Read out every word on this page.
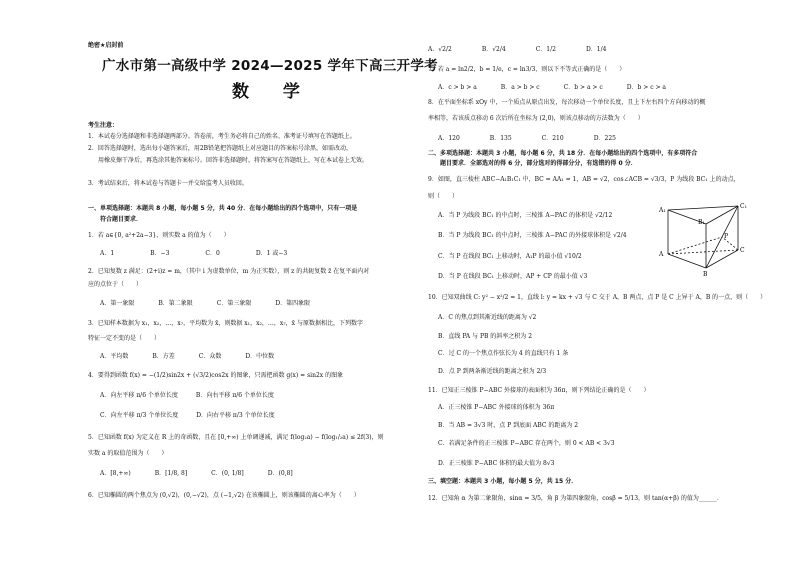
绝密★启封前
广水市第一高级中学 2024—2025 学年下高三开学考
数 学
考生注意：
1．本试卷分选择题和非选择题两部分。答卷前，考生务必将自己的姓名、准考证号填写在答题纸上。
2．回答选择题时，选出每小题答案后，用2B铅笔把答题纸上对应题目的答案标号涂黑，如需改动，
用橡皮擦干净后，再选涂其他答案标号。回答非选择题时，将答案写在答题纸上，写在本试卷上无效。
3．考试结束后，将本试卷与答题卡一并交给监考人员收回。
一、单项选择题：本题共 8 小题，每小题 5 分，共 40 分．在每小题给出的四个选项中，只有一项是
符合题目要求．
1．若 a∈{0, a²+2a−3}，则实数 a 的值为（　　）
A．1　　　　　　B．−3　　　　　　C．0　　　　　　D．1 或−3
2．已知复数 z 满足：(2+i)z = m，（其中 i 为虚数单位，m 为正实数），则 z 的共轭复数 z̄ 在复平面内对
应的点位于（　　）
A．第一象限　　　　B．第二象限　　　　C．第三象限　　　　D．第四象限
3．已知样本数据为 x₁，x₂，…，x₇，平均数为 x̄，则数据 x₁，x₂，…，x₇，x̄ 与原数据相比，下列数字
特征一定不变的是（　　）
A．平均数　　　　B．方差　　　　C．众数　　　　D．中位数
4．要得到函数 f(x) = −(1/2)sin2x + (√3/2)cos2x 的图象，只需把函数 g(x) = sin2x 的图象
A．向左平移 π/6 个单位长度　　　B．向右平移 π/6 个单位长度
C．向左平移 π/3 个单位长度　　　D．向右平移 π/3 个单位长度
5．已知函数 f(x) 为定义在 R 上的奇函数，且在 [0,+∞) 上单调递减，满足 f(log₂a) − f(log₁/₂a) ≤ 2f(3)，则
实数 a 的取值范围为（　　）
A．[8,+∞)　　　　B．[1/8, 8]　　　　C．(0, 1/8]　　　　D．(0,8]
6．已知椭圆的两个焦点为 (0,√2)，(0,−√2)，点 (−1,√2) 在该椭圆上，则该椭圆的离心率为（　　）
A．√2/2　　　　　B．√2/4　　　　　C．1/2　　　　　D．1/4
7．若 a = ln2/2，b = 1/e，c = ln3/3，则以下不等式正确的是（　　）
A．c > b > a　　　　B．a > b > c　　　　C．b > a > c　　　　D．b > c > a
8．在平面坐标系 xOy 中，一个质点从原点出发，每次移动一个单位长度，且上下左右四个方向移动的概
率相等，若该质点移动 6 次后所在坐标为 (2,0)，则该点移动的方法数为（　　）
A．120　　　　　B．135　　　　　C．210　　　　　D．225
二、多项选择题：本题共 3 小题，每小题 6 分，共 18 分．在每小题给出的四个选项中，有多项符合
题目要求．全部选对的得 6 分，部分选对的得部分分，有选错的得 0 分．
9．如图，直三棱柱 ABC−A₁B₁C₁ 中，BC = AA₁ = 1，AB = √2，cos∠ACB = √3/3，P 为线段 BC₁ 上的动点，
则（　　）
A．当 P 为线段 BC₁ 的中点时，三棱锥 A−PAC 的体积是 √2/12
B．当 P 为线段 BC₁ 的中点时，三棱锥 A−PAC 的外接球体积是 √2/4
C．当 P 在线段 BC₁ 上移动时，A₁P 的最小值 √10/2
D．当 P 在线段 BC₁ 上移动时，AP + CP 的最小值 √3
A₁
C₁
B₁
A
C
B
P
10．已知双曲线 C: y² − x²/2 = 1，直线 l: y = kx + √3 与 C 交于 A，B 两点，点 P 是 C 上异于 A，B 的一点，则（　　）
A．C 的焦点到其渐近线的距离为 √2
B．直线 PA 与 PB 的斜率之积为 2
C．过 C 的一个焦点作弦长为 4 的直线只有 1 条
D．点 P 到两条渐近线的距离之积为 2/3
11．已知正三棱锥 P−ABC 外接球的表面积为 36π，则下列结论正确的是（　　）
A．正三棱锥 P−ABC 外接球的体积为 36π
B．当 AB = 3√3 时，点 P 到底面 ABC 的距离为 2
C．若满足条件的正三棱锥 P−ABC 存在两个，则 0 < AB < 3√3
D．正三棱锥 P−ABC 体积的最大值为 8√3
三、填空题：本题共 3 小题，每小题 5 分，共 15 分．
12．已知角 α 为第二象限角，sinα = 3/5，角 β 为第四象限角，cosβ = 5/13，则 tan(α+β) 的值为______．
